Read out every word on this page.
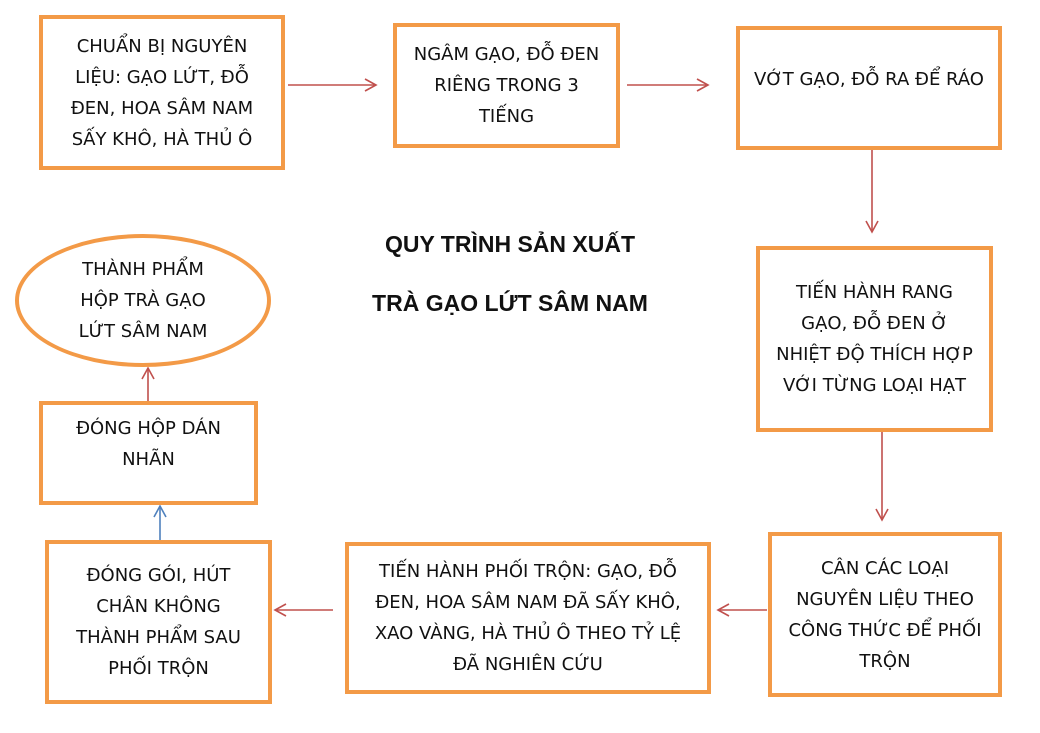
CHUẨN BỊ NGUYÊN
LIỆU: GẠO LỨT, ĐỖ
ĐEN, HOA SÂM NAM
SẤY KHÔ, HÀ THỦ Ô
NGÂM GẠO, ĐỖ ĐEN
RIÊNG TRONG 3
TIẾNG
VỚT GẠO, ĐỖ RA ĐỂ RÁO
TIẾN HÀNH RANG
GẠO, ĐỖ ĐEN Ở
NHIỆT ĐỘ THÍCH HỢP
VỚI TỪNG LOẠI HẠT
CÂN CÁC LOẠI
NGUYÊN LIỆU THEO
CÔNG THỨC ĐỂ PHỐI
TRỘN
TIẾN HÀNH PHỐI TRỘN: GẠO, ĐỖ
ĐEN, HOA SÂM NAM ĐÃ SẤY KHÔ,
XAO VÀNG, HÀ THỦ Ô THEO TỶ LỆ
ĐÃ NGHIÊN CỨU
ĐÓNG GÓI, HÚT
CHÂN KHÔNG
THÀNH PHẨM SAU
PHỐI TRỘN
ĐÓNG HỘP DÁN
NHÃN
THÀNH PHẨM
HỘP TRÀ GẠO
LỨT SÂM NAM
QUY TRÌNH SẢN XUẤT
TRÀ GẠO LỨT SÂM NAM
